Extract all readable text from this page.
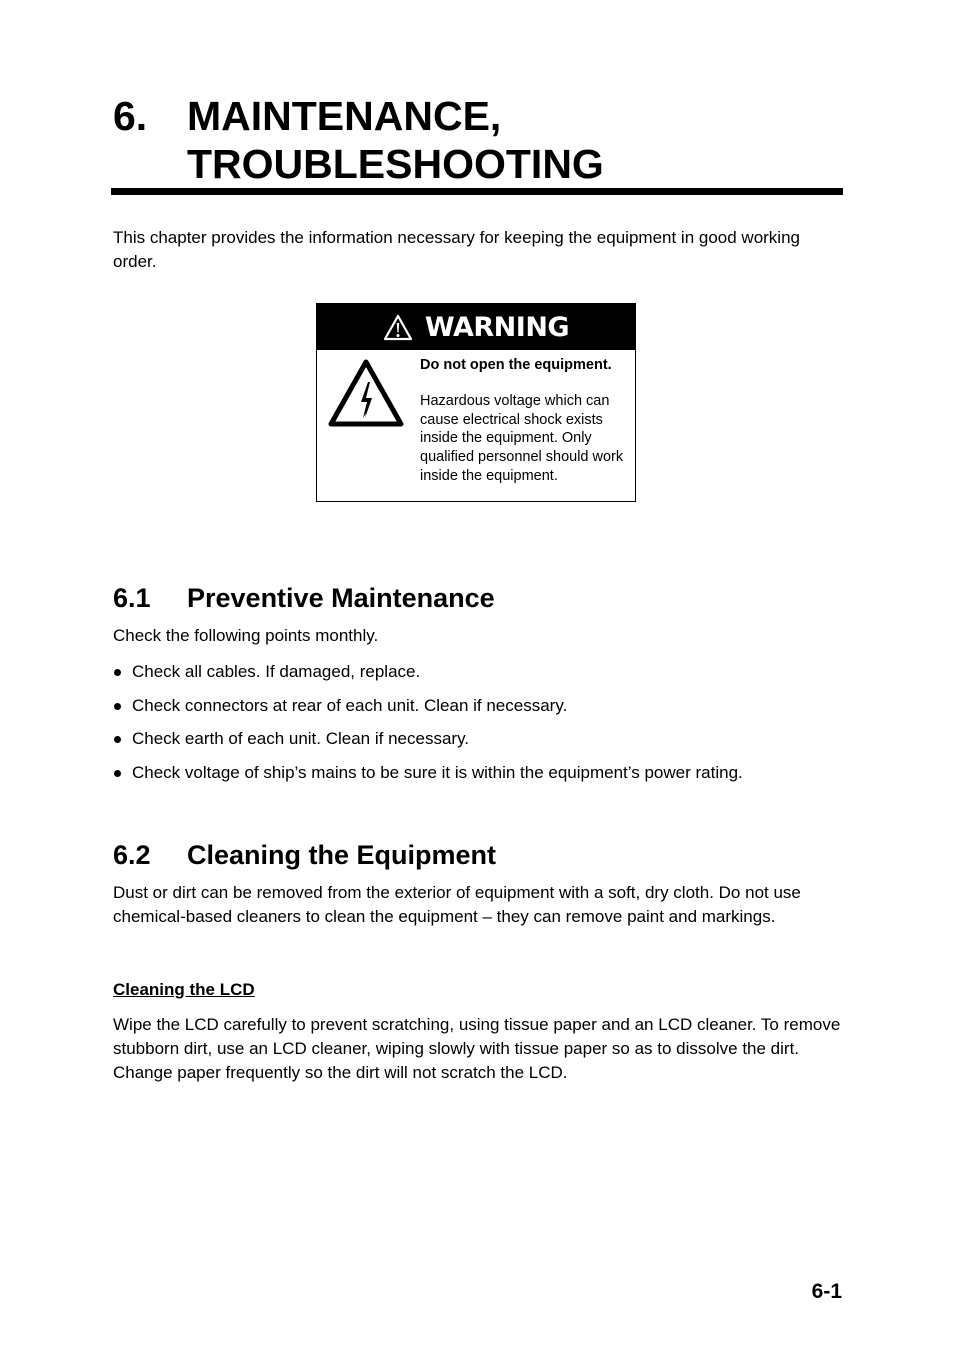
6. MAINTENANCE,
TROUBLESHOOTING

This chapter provides the information necessary for keeping the equipment in good working order.

WARNING

Do not open the equipment.

Hazardous voltage which can cause electrical shock exists inside the equipment. Only qualified personnel should work inside the equipment.

6.1 Preventive Maintenance

Check the following points monthly.

Check all cables. If damaged, replace.
Check connectors at rear of each unit. Clean if necessary.
Check earth of each unit. Clean if necessary.
Check voltage of ship’s mains to be sure it is within the equipment’s power rating.
6.2 Cleaning the Equipment

Dust or dirt can be removed from the exterior of equipment with a soft, dry cloth. Do not use chemical-based cleaners to clean the equipment – they can remove paint and markings.

Cleaning the LCD

Wipe the LCD carefully to prevent scratching, using tissue paper and an LCD cleaner. To remove stubborn dirt, use an LCD cleaner, wiping slowly with tissue paper so as to dissolve the dirt. Change paper frequently so the dirt will not scratch the LCD.

6-1
